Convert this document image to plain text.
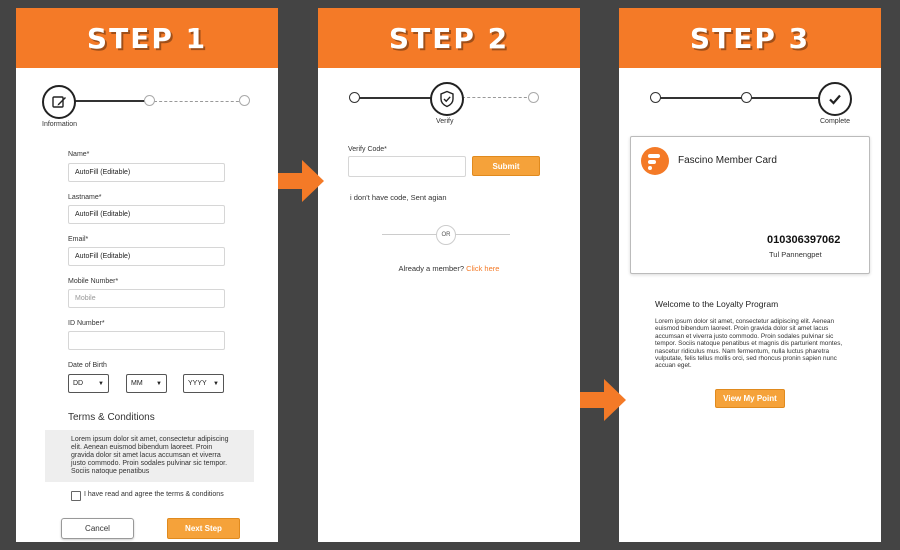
STEP 1
Information
Name*
AutoFill (Editable)
Lastname*
AutoFill (Editable)
Email*
AutoFill (Editable)
Mobile Number*
Mobile
ID Number*
Date of Birth
DD ▼	MM ▼	YYYY ▼
Terms & Conditions
Lorem ipsum dolor sit amet, consectetur adipiscing elit. Aenean euismod bibendum laoreet. Proin gravida dolor sit amet lacus accumsan et viverra justo commodo. Proin sodales pulvinar sic tempor. Sociis natoque penatibus
I have read and agree the terms & conditions
Cancel	Next Step
STEP 2
Verify
Verify Code*
Submit
i don't have code, Sent agian
OR
Already a member? Click here
STEP 3
Complete
Fascino Member Card
010306397062
Tul Pannengpet
Welcome to the Loyalty Program
Lorem ipsum dolor sit amet, consectetur adipiscing elit. Aenean euismod bibendum laoreet. Proin gravida dolor sit amet lacus accumsan et viverra justo commodo. Proin sodales pulvinar sic tempor. Sociis natoque penatibus et magnis dis parturient montes, nascetur ridiculus mus. Nam fermentum, nulla luctus pharetra vulputate, felis tellus mollis orci, sed rhoncus pronin sapien nunc accuan eget.
View My Point
